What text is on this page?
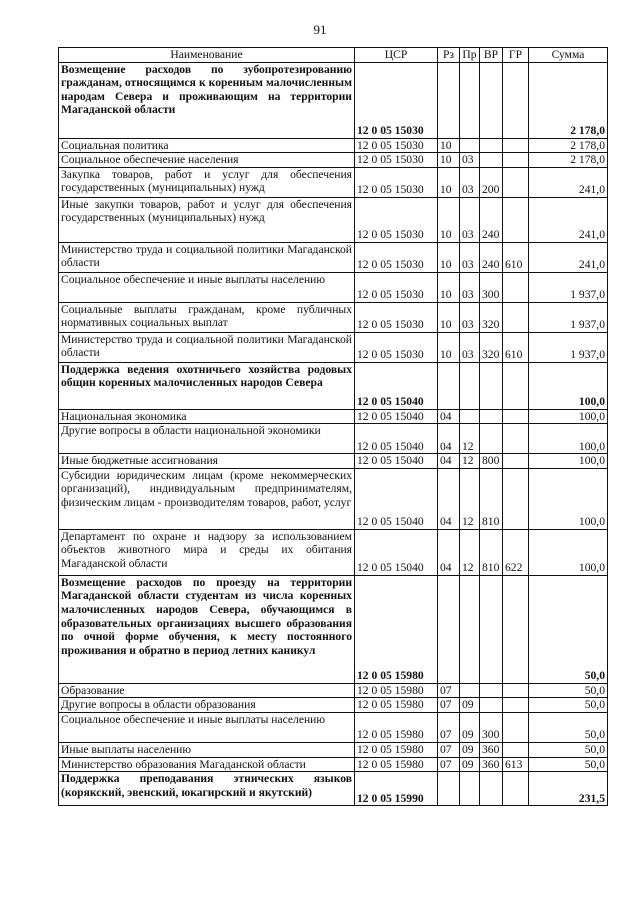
91
Наименование	ЦСР	Рз	Пр	ВР	ГР	Сумма
Возмещение расходов по зубопротезированию гражданам, относящимся к коренным малочисленным народам Севера и проживающим на территории Магаданской области	12 0 05 15030					2 178,0
Социальная политика	12 0 05 15030	10				2 178,0
Социальное обеспечение населения	12 0 05 15030	10	03			2 178,0
Закупка товаров, работ и услуг для обеспечения государственных (муниципальных) нужд	12 0 05 15030	10	03	200		241,0
Иные закупки товаров, работ и услуг для обеспечения государственных (муниципальных) нужд	12 0 05 15030	10	03	240		241,0
Министерство труда и социальной политики Магаданской области	12 0 05 15030	10	03	240	610	241,0
Социальное обеспечение и иные выплаты населению	12 0 05 15030	10	03	300		1 937,0
Социальные выплаты гражданам, кроме публичных нормативных социальных выплат	12 0 05 15030	10	03	320		1 937,0
Министерство труда и социальной политики Магаданской области	12 0 05 15030	10	03	320	610	1 937,0
Поддержка ведения охотничьего хозяйства родовых общин коренных малочисленных народов Севера	12 0 05 15040					100,0
Национальная экономика	12 0 05 15040	04				100,0
Другие вопросы в области национальной экономики	12 0 05 15040	04	12			100,0
Иные бюджетные ассигнования	12 0 05 15040	04	12	800		100,0
Субсидии юридическим лицам (кроме некоммерческих организаций), индивидуальным предпринимателям, физическим лицам - производителям товаров, работ, услуг	12 0 05 15040	04	12	810		100,0
Департамент по охране и надзору за использованием объектов животного мира и среды их обитания Магаданской области	12 0 05 15040	04	12	810	622	100,0
Возмещение расходов по проезду на территории Магаданской области студентам из числа коренных малочисленных народов Севера, обучающимся в образовательных организациях высшего образования по очной форме обучения, к месту постоянного проживания и обратно в период летних каникул	12 0 05 15980					50,0
Образование	12 0 05 15980	07				50,0
Другие вопросы в области образования	12 0 05 15980	07	09			50,0
Социальное обеспечение и иные выплаты населению	12 0 05 15980	07	09	300		50,0
Иные выплаты населению	12 0 05 15980	07	09	360		50,0
Министерство образования Магаданской области	12 0 05 15980	07	09	360	613	50,0
Поддержка преподавания этнических языков (корякский, эвенский, юкагирский и якутский)	12 0 05 15990					231,5
